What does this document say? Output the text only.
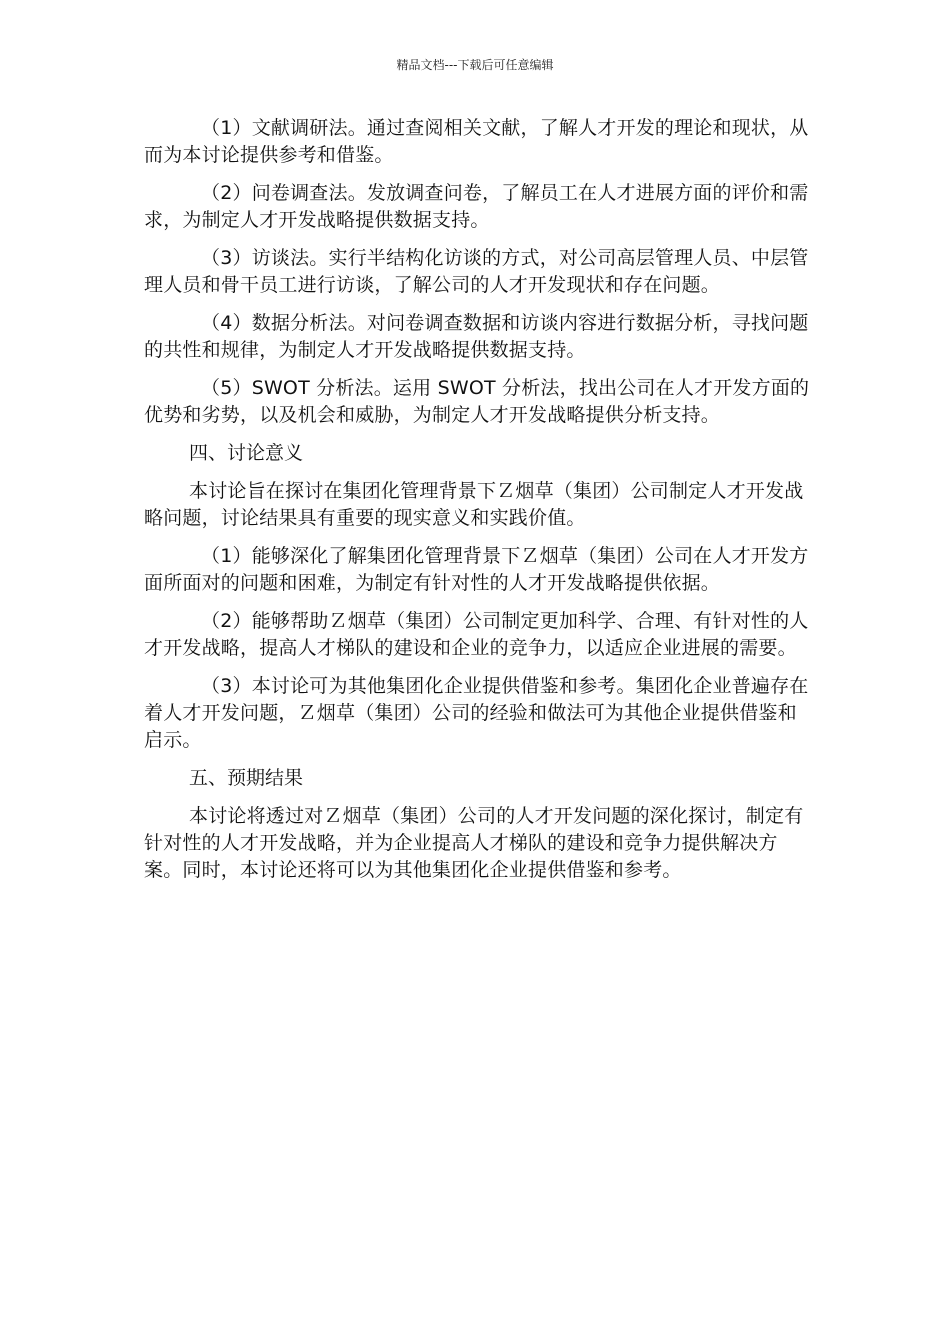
精品文档---下载后可任意编辑

（1）文献调研法。通过查阅相关文献，了解人才开发的理论和现状，从而为本讨论提供参考和借鉴。

（2）问卷调查法。发放调查问卷，了解员工在人才进展方面的评价和需求，为制定人才开发战略提供数据支持。

（3）访谈法。实行半结构化访谈的方式，对公司高层管理人员、中层管理人员和骨干员工进行访谈，了解公司的人才开发现状和存在问题。

（4）数据分析法。对问卷调查数据和访谈内容进行数据分析，寻找问题的共性和规律，为制定人才开发战略提供数据支持。

（5）SWOT 分析法。运用 SWOT 分析法，找出公司在人才开发方面的优势和劣势，以及机会和威胁，为制定人才开发战略提供分析支持。

四、讨论意义

本讨论旨在探讨在集团化管理背景下Ｚ烟草（集团）公司制定人才开发战略问题，讨论结果具有重要的现实意义和实践价值。

（1）能够深化了解集团化管理背景下Ｚ烟草（集团）公司在人才开发方面所面对的问题和困难，为制定有针对性的人才开发战略提供依据。

（2）能够帮助Ｚ烟草（集团）公司制定更加科学、合理、有针对性的人才开发战略，提高人才梯队的建设和企业的竞争力，以适应企业进展的需要。

（3）本讨论可为其他集团化企业提供借鉴和参考。集团化企业普遍存在着人才开发问题，Ｚ烟草（集团）公司的经验和做法可为其他企业提供借鉴和启示。

五、预期结果

本讨论将透过对Ｚ烟草（集团）公司的人才开发问题的深化探讨，制定有针对性的人才开发战略，并为企业提高人才梯队的建设和竞争力提供解决方案。同时，本讨论还将可以为其他集团化企业提供借鉴和参考。
